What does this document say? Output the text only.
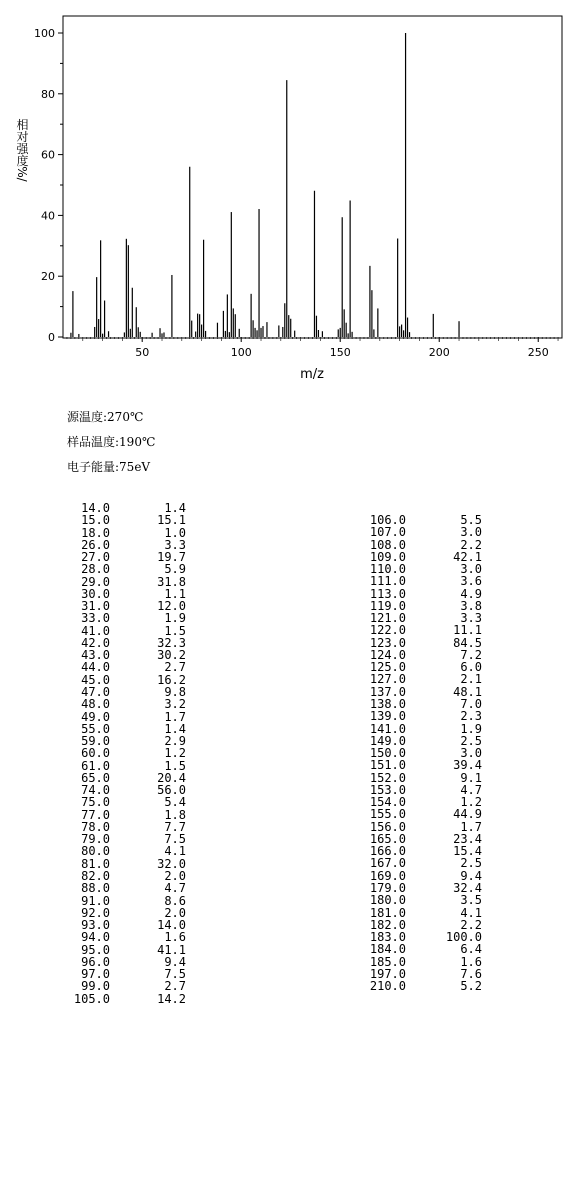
0
20
40
60
80
100
50	100	150	200	250
相对强度%/
m/z
源温度:270℃
样品温度:190℃
电子能量:75eV
14.0	1.4
15.0	15.1
18.0	1.0
26.0	3.3
27.0	19.7
28.0	5.9
29.0	31.8
30.0	1.1
31.0	12.0
33.0	1.9
41.0	1.5
42.0	32.3
43.0	30.2
44.0	2.7
45.0	16.2
47.0	9.8
48.0	3.2
49.0	1.7
55.0	1.4
59.0	2.9
60.0	1.2
61.0	1.5
65.0	20.4
74.0	56.0
75.0	5.4
77.0	1.8
78.0	7.7
79.0	7.5
80.0	4.1
81.0	32.0
82.0	2.0
88.0	4.7
91.0	8.6
92.0	2.0
93.0	14.0
94.0	1.6
95.0	41.1
96.0	9.4
97.0	7.5
99.0	2.7
105.0	14.2
106.0	5.5
107.0	3.0
108.0	2.2
109.0	42.1
110.0	3.0
111.0	3.6
113.0	4.9
119.0	3.8
121.0	3.3
122.0	11.1
123.0	84.5
124.0	7.2
125.0	6.0
127.0	2.1
137.0	48.1
138.0	7.0
139.0	2.3
141.0	1.9
149.0	2.5
150.0	3.0
151.0	39.4
152.0	9.1
153.0	4.7
154.0	1.2
155.0	44.9
156.0	1.7
165.0	23.4
166.0	15.4
167.0	2.5
169.0	9.4
179.0	32.4
180.0	3.5
181.0	4.1
182.0	2.2
183.0	100.0
184.0	6.4
185.0	1.6
197.0	7.6
210.0	5.2
